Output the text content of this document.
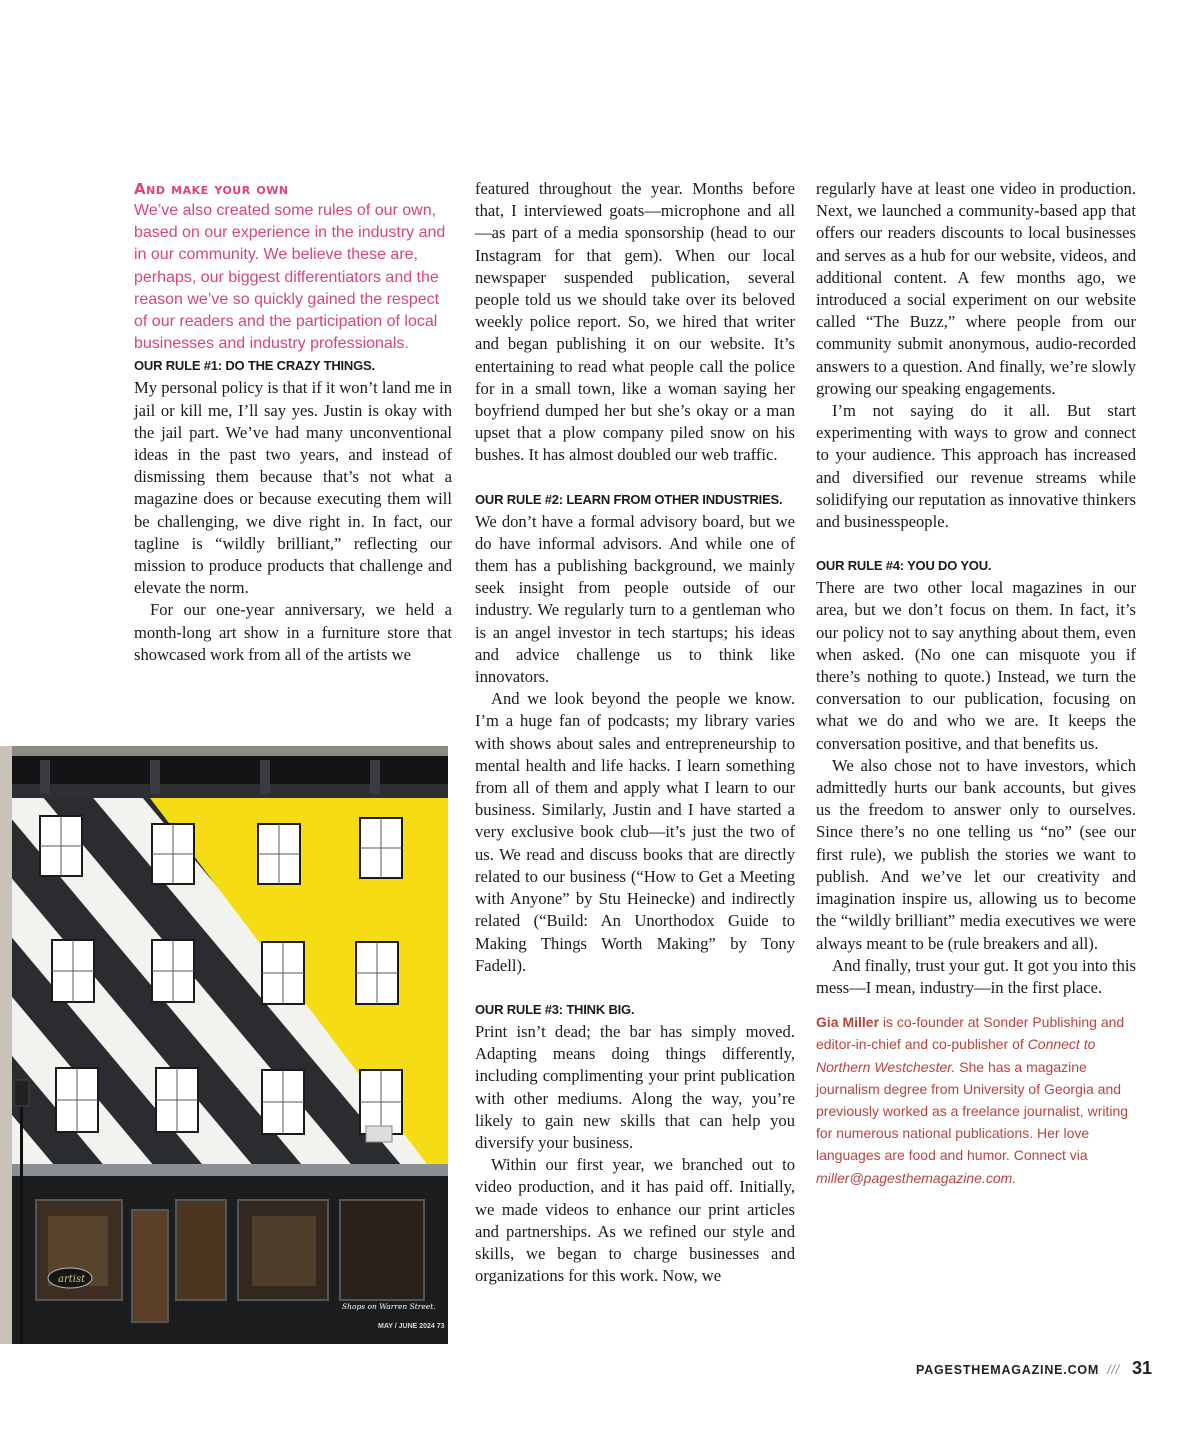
And make your own

We’ve also created some rules of our own, based on our experience in the industry and in our community. We believe these are, perhaps, our biggest differentiators and the reason we’ve so quickly gained the respect of our readers and the participation of local businesses and industry professionals.

OUR RULE #1: DO THE CRAZY THINGS.

My personal policy is that if it won’t land me in jail or kill me, I’ll say yes. Justin is okay with the jail part. We’ve had many unconventional ideas in the past two years, and instead of dismissing them because that’s not what a magazine does or because executing them will be challenging, we dive right in. In fact, our tagline is “wildly brilliant,” reflecting our mission to produce products that challenge and elevate the norm.

For our one-year anniversary, we held a month-long art show in a furniture store that showcased work from all of the artists we

featured throughout the year. Months before that, I interviewed goats—microphone and all—as part of a media sponsorship (head to our Instagram for that gem). When our local newspaper suspended publication, several people told us we should take over its beloved weekly police report. So, we hired that writer and began publishing it on our website. It’s entertaining to read what people call the police for in a small town, like a woman saying her boyfriend dumped her but she’s okay or a man upset that a plow company piled snow on his bushes. It has almost doubled our web traffic.

OUR RULE #2: LEARN FROM OTHER INDUSTRIES.

We don’t have a formal advisory board, but we do have informal advisors. And while one of them has a publishing background, we mainly seek insight from people outside of our industry. We regularly turn to a gentleman who is an angel investor in tech startups; his ideas and advice challenge us to think like innovators.

And we look beyond the people we know. I’m a huge fan of podcasts; my library varies with shows about sales and entrepreneurship to mental health and life hacks. I learn something from all of them and apply what I learn to our business. Similarly, Justin and I have started a very exclusive book club—it’s just the two of us. We read and discuss books that are directly related to our business (“How to Get a Meeting with Anyone” by Stu Heinecke) and indirectly related (“Build: An Unorthodox Guide to Making Things Worth Making” by Tony Fadell).

OUR RULE #3: THINK BIG.

Print isn’t dead; the bar has simply moved. Adapting means doing things differently, including complimenting your print publication with other mediums. Along the way, you’re likely to gain new skills that can help you diversify your business.

Within our first year, we branched out to video production, and it has paid off. Initially, we made videos to enhance our print articles and partnerships. As we refined our style and skills, we began to charge businesses and organizations for this work. Now, we

regularly have at least one video in production. Next, we launched a community-based app that offers our readers discounts to local businesses and serves as a hub for our website, videos, and additional content. A few months ago, we introduced a social experiment on our website called “The Buzz,” where people from our community submit anonymous, audio-recorded answers to a question. And finally, we’re slowly growing our speaking engagements.

I’m not saying do it all. But start experimenting with ways to grow and connect to your audience. This approach has increased and diversified our revenue streams while solidifying our reputation as innovative thinkers and businesspeople.

OUR RULE #4: YOU DO YOU.

There are two other local magazines in our area, but we don’t focus on them. In fact, it’s our policy not to say anything about them, even when asked. (No one can misquote you if there’s nothing to quote.) Instead, we turn the conversation to our publication, focusing on what we do and who we are. It keeps the conversation positive, and that benefits us.

We also chose not to have investors, which admittedly hurts our bank accounts, but gives us the freedom to answer only to ourselves. Since there’s no one telling us “no” (see our first rule), we publish the stories we want to publish. And we’ve let our creativity and imagination inspire us, allowing us to become the “wildly brilliant” media executives we were always meant to be (rule breakers and all).

And finally, trust your gut. It got you into this mess—I mean, industry—in the first place.

Gia Miller is co-founder at Sonder Publishing and editor-in-chief and co-publisher of Connect to Northern Westchester. She has a magazine journalism degree from University of Georgia and previously worked as a freelance journalist, writing for numerous national publications. Her love languages are food and humor. Connect via miller@pagesthemagazine.com.

artist
Shops on Warren Street.
MAY / JUNE 2024 73
PAGESTHEMAGAZINE.COM /// 31
